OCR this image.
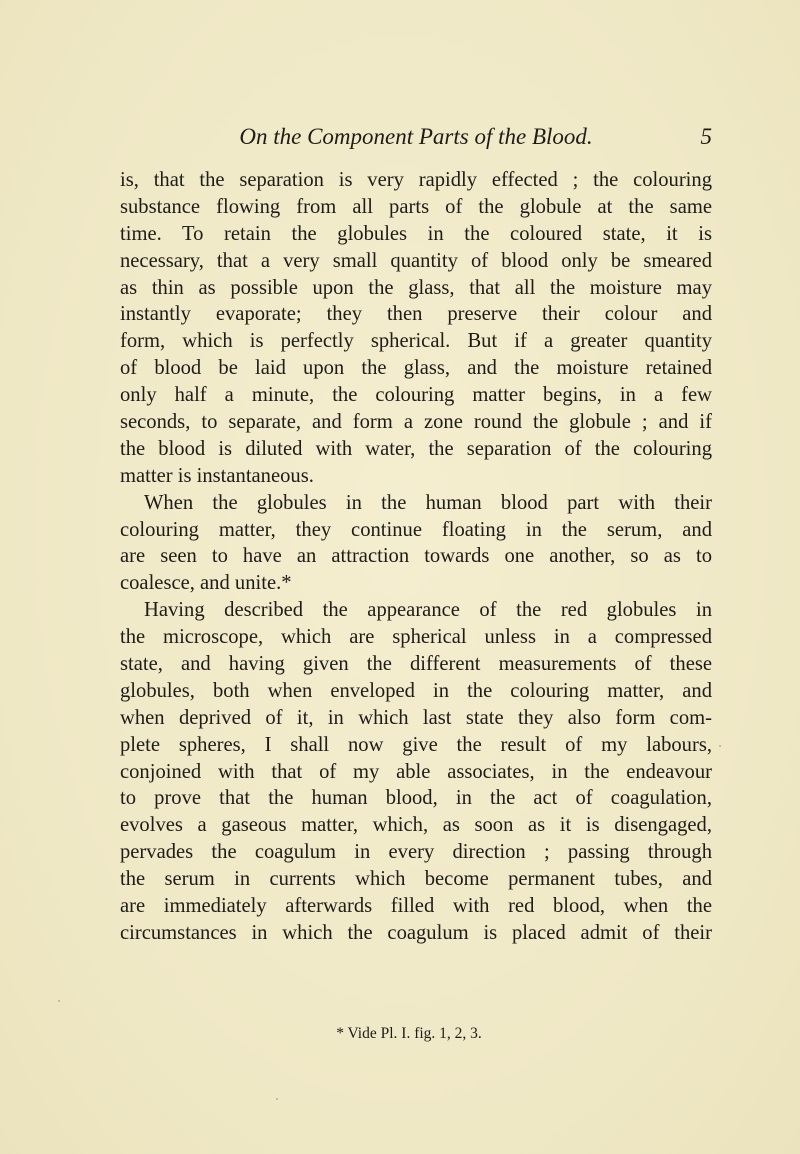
On the Component Parts of the Blood.	5
is, that the separation is very rapidly effected ; the colouring
substance flowing from all parts of the globule at the same
time. To retain the globules in the coloured state, it is
necessary, that a very small quantity of blood only be smeared
as thin as possible upon the glass, that all the moisture may
instantly evaporate; they then preserve their colour and
form, which is perfectly spherical. But if a greater quantity
of blood be laid upon the glass, and the moisture retained
only half a minute, the colouring matter begins, in a few
seconds, to separate, and form a zone round the globule ; and if
the blood is diluted with water, the separation of the colouring
matter is instantaneous.
When the globules in the human blood part with their
colouring matter, they continue floating in the serum, and
are seen to have an attraction towards one another, so as to
coalesce, and unite.*
Having described the appearance of the red globules in
the microscope, which are spherical unless in a compressed
state, and having given the different measurements of these
globules, both when enveloped in the colouring matter, and
when deprived of it, in which last state they also form com-
plete spheres, I shall now give the result of my labours,
conjoined with that of my able associates, in the endeavour
to prove that the human blood, in the act of coagulation,
evolves a gaseous matter, which, as soon as it is disengaged,
pervades the coagulum in every direction ; passing through
the serum in currents which become permanent tubes, and
are immediately afterwards filled with red blood, when the
circumstances in which the coagulum is placed admit of their
* Vide Pl. I. fig. 1, 2, 3.
